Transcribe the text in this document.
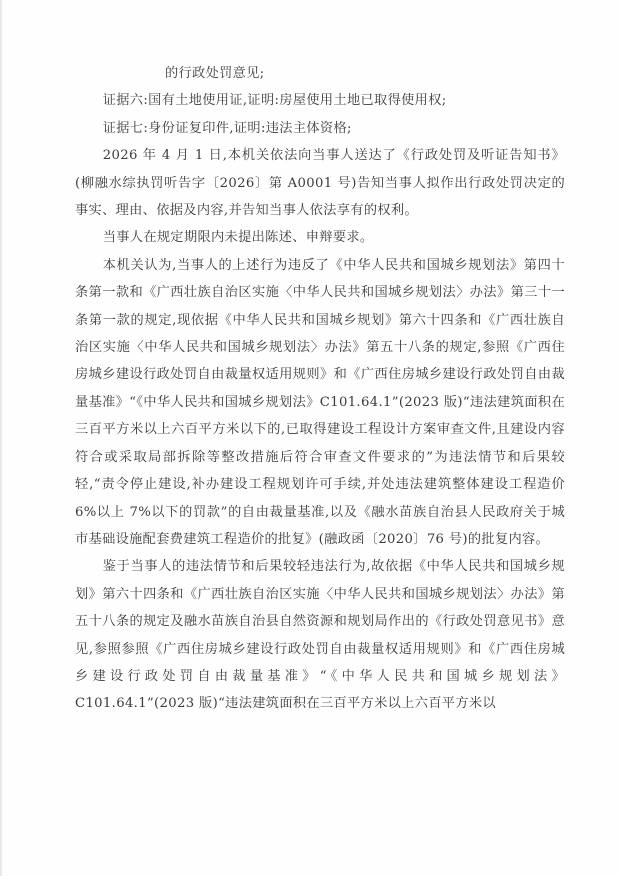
的行政处罚意见;

证据六:国有土地使用证,证明:房屋使用土地已取得使用权;

证据七:身份证复印件,证明:违法主体资格;

2026 年 4 月 1 日,本机关依法向当事人送达了《行政处罚及听证告知书》(柳融水综执罚听告字〔2026〕第 A0001 号)告知当事人拟作出行政处罚决定的事实、理由、依据及内容,并告知当事人依法享有的权利。

当事人在规定期限内未提出陈述、申辩要求。

本机关认为,当事人的上述行为违反了《中华人民共和国城乡规划法》第四十条第一款和《广西壮族自治区实施〈中华人民共和国城乡规划法〉办法》第三十一条第一款的规定,现依据《中华人民共和国城乡规划》第六十四条和《广西壮族自治区实施〈中华人民共和国城乡规划法〉办法》第五十八条的规定,参照《广西住房城乡建设行政处罚自由裁量权适用规则》和《广西住房城乡建设行政处罚自由裁量基准》“《中华人民共和国城乡规划法》C101.64.1”(2023 版)“违法建筑面积在三百平方米以上六百平方米以下的,已取得建设工程设计方案审查文件,且建设内容符合或采取局部拆除等整改措施后符合审查文件要求的”为违法情节和后果较轻,“责令停止建设,补办建设工程规划许可手续,并处违法建筑整体建设工程造价 6%以上 7%以下的罚款”的自由裁量基准,以及《融水苗族自治县人民政府关于城市基础设施配套费建筑工程造价的批复》(融政函〔2020〕76 号)的批复内容。

鉴于当事人的违法情节和后果较轻违法行为,故依据《中华人民共和国城乡规划》第六十四条和《广西壮族自治区实施〈中华人民共和国城乡规划法〉办法》第五十八条的规定及融水苗族自治县自然资源和规划局作出的《行政处罚意见书》意见,参照参照《广西住房城乡建设行政处罚自由裁量权适用规则》和《广西住房城乡建设行政处罚自由裁量基准》“《中华人民共和国城乡规划法》C101.64.1”(2023 版)“违法建筑面积在三百平方米以上六百平方米以
